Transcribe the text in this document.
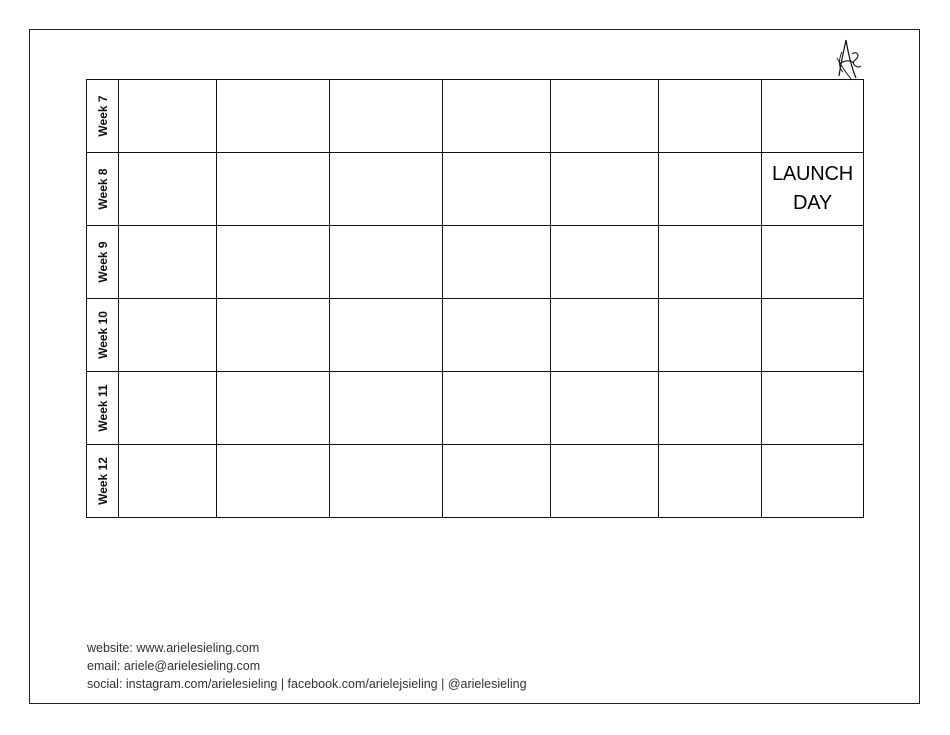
Week 7							

Week 8							LAUNCH DAY

Week 9							

Week 10							

Week 11							

Week 12							

website: www.arielesieling.com
email: ariele@arielesieling.com
social: instagram.com/arielesieling | facebook.com/arielejsieling | @arielesieling
